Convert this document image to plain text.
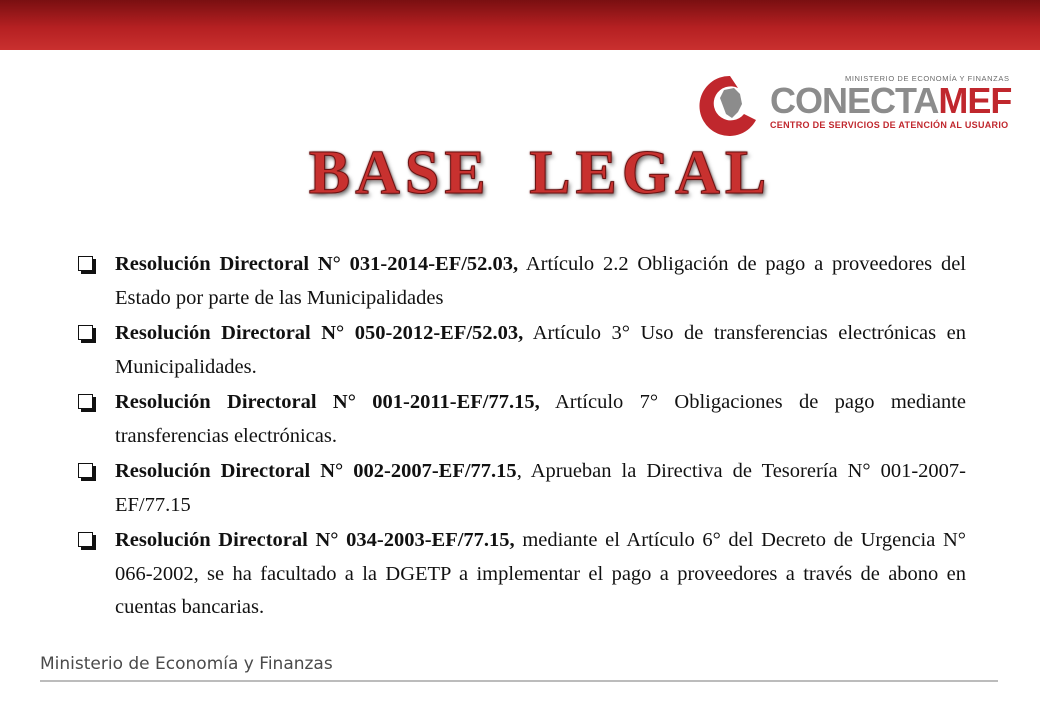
MINISTERIO DE ECONOMÍA Y FINANZAS
CONECTAMEF
CENTRO DE SERVICIOS DE ATENCIÓN AL USUARIO
BASE LEGAL
Resolución Directoral N° 031-2014-EF/52.03, Artículo 2.2 Obligación de pago a proveedores del Estado por parte de las Municipalidades
Resolución Directoral N° 050-2012-EF/52.03, Artículo 3° Uso de transferencias electrónicas en Municipalidades.
Resolución Directoral N° 001-2011-EF/77.15, Artículo 7° Obligaciones de pago mediante transferencias electrónicas.
Resolución Directoral N° 002-2007-EF/77.15, Aprueban la Directiva de Tesorería N° 001-2007-EF/77.15
Resolución Directoral N° 034-2003-EF/77.15, mediante el Artículo 6° del Decreto de Urgencia N° 066-2002, se ha facultado a la DGETP a implementar el pago a proveedores a través de abono en cuentas bancarias.
Ministerio de Economía y Finanzas
